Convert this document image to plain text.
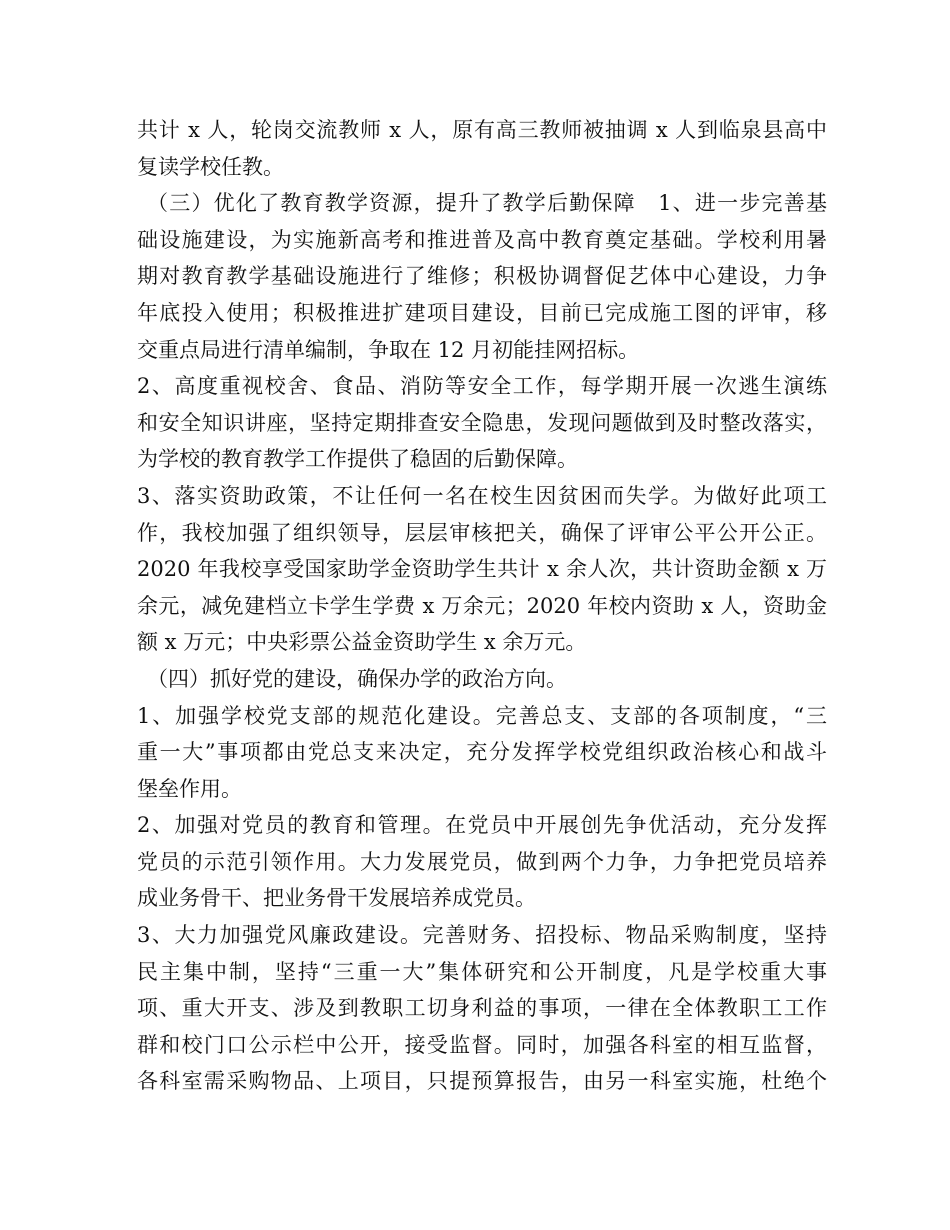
共计 x 人，轮岗交流教师 x 人，原有高三教师被抽调 x 人到临泉县高中
复读学校任教。
（三）优化了教育教学资源，提升了教学后勤保障　1、进一步完善基
础设施建设，为实施新高考和推进普及高中教育奠定基础。学校利用暑
期对教育教学基础设施进行了维修；积极协调督促艺体中心建设，力争
年底投入使用；积极推进扩建项目建设，目前已完成施工图的评审，移
交重点局进行清单编制，争取在 12 月初能挂网招标。
2、高度重视校舍、食品、消防等安全工作，每学期开展一次逃生演练
和安全知识讲座，坚持定期排查安全隐患，发现问题做到及时整改落实，
为学校的教育教学工作提供了稳固的后勤保障。
3、落实资助政策，不让任何一名在校生因贫困而失学。为做好此项工
作，我校加强了组织领导，层层审核把关，确保了评审公平公开公正。
2020 年我校享受国家助学金资助学生共计 x 余人次，共计资助金额 x 万
余元，减免建档立卡学生学费 x 万余元；2020 年校内资助 x 人，资助金
额 x 万元；中央彩票公益金资助学生 x 余万元。
（四）抓好党的建设，确保办学的政治方向。
1、加强学校党支部的规范化建设。完善总支、支部的各项制度，“三
重一大”事项都由党总支来决定，充分发挥学校党组织政治核心和战斗
堡垒作用。
2、加强对党员的教育和管理。在党员中开展创先争优活动，充分发挥
党员的示范引领作用。大力发展党员，做到两个力争，力争把党员培养
成业务骨干、把业务骨干发展培养成党员。
3、大力加强党风廉政建设。完善财务、招投标、物品采购制度，坚持
民主集中制，坚持“三重一大”集体研究和公开制度，凡是学校重大事
项、重大开支、涉及到教职工切身利益的事项，一律在全体教职工工作
群和校门口公示栏中公开，接受监督。同时，加强各科室的相互监督，
各科室需采购物品、上项目，只提预算报告，由另一科室实施，杜绝个
